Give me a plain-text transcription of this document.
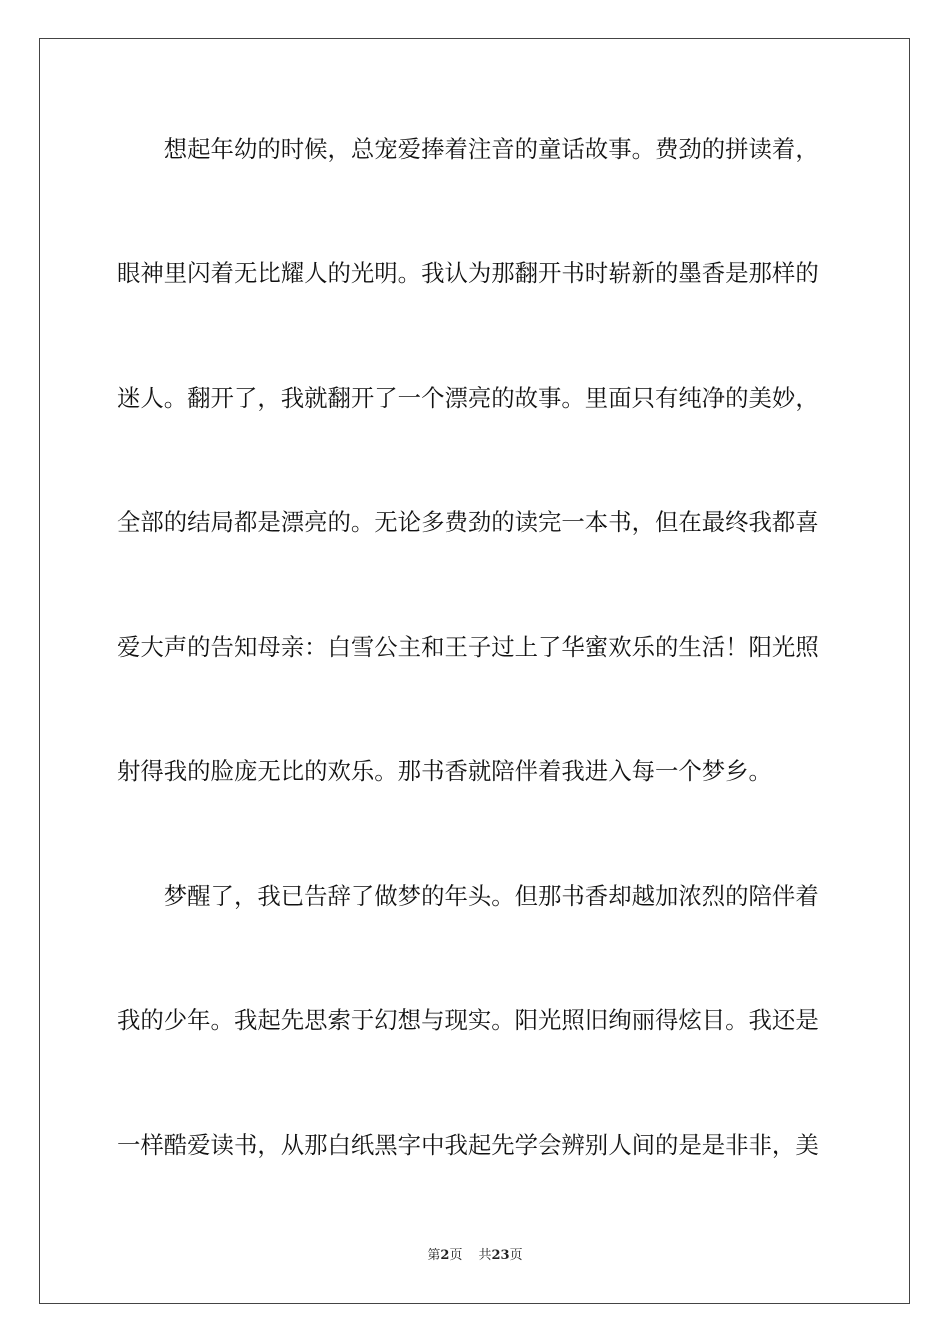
　　想起年幼的时候，总宠爱捧着注音的童话故事。费劲的拼读着，
眼神里闪着无比耀人的光明。我认为那翻开书时崭新的墨香是那样的
迷人。翻开了，我就翻开了一个漂亮的故事。里面只有纯净的美妙，
全部的结局都是漂亮的。无论多费劲的读完一本书，但在最终我都喜
爱大声的告知母亲：白雪公主和王子过上了华蜜欢乐的生活！阳光照
射得我的脸庞无比的欢乐。那书香就陪伴着我进入每一个梦乡。
　　梦醒了，我已告辞了做梦的年头。但那书香却越加浓烈的陪伴着
我的少年。我起先思索于幻想与现实。阳光照旧绚丽得炫目。我还是
一样酷爱读书，从那白纸黑字中我起先学会辨别人间的是是非非，美
第2页 共23页
